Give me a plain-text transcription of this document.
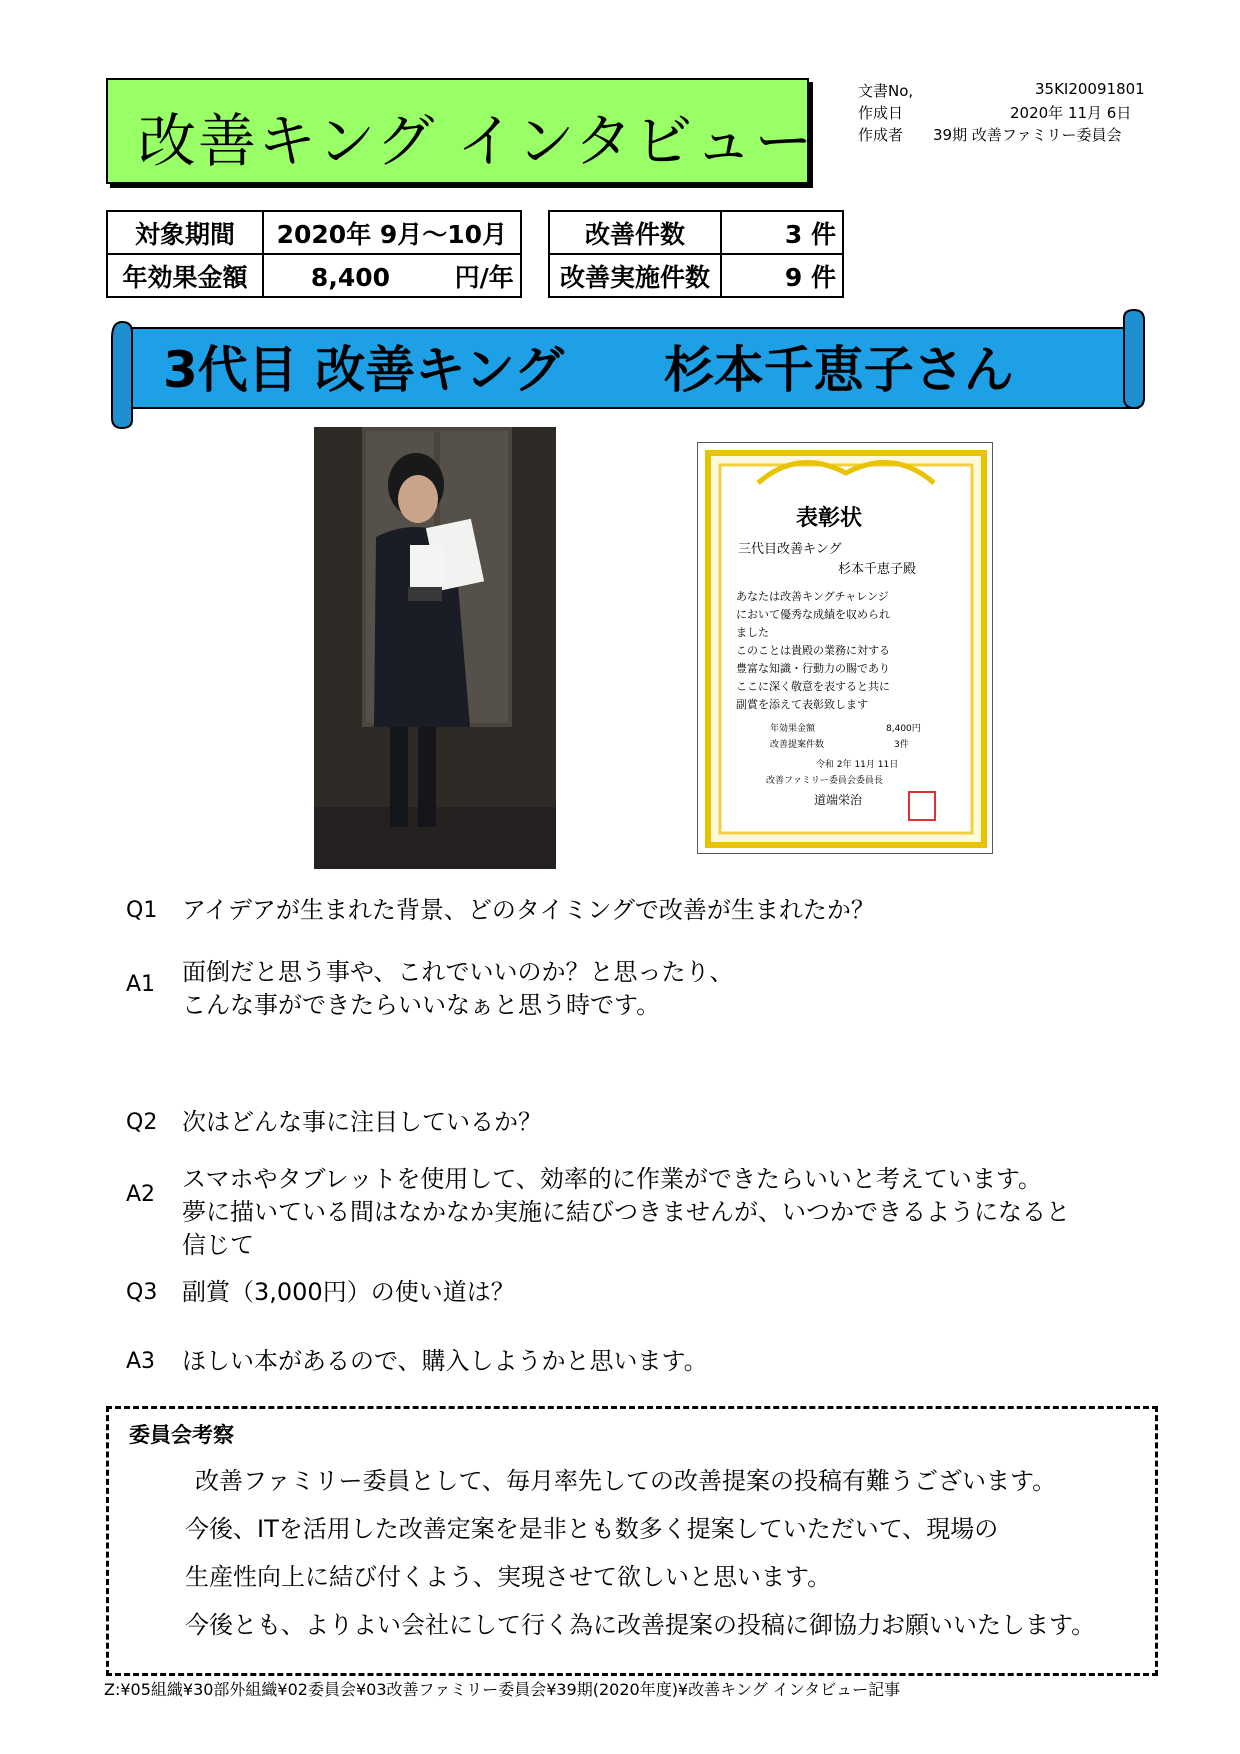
改善キング インタビュー
文書No,	35KI20091801
作成日	2020年 11月 6日
作成者 39期 改善ファミリー委員会
対象期間	2020年 9月～10月
年効果金額	8,400 円/年
改善件数	3 件
改善実施件数	9 件
3代目 改善キング　　杉本千恵子さん
表彰状
三代目改善キング
杉本千恵子殿
あなたは改善キングチャレンジ
において優秀な成績を収められ
ました
このことは貴殿の業務に対する
豊富な知識・行動力の賜であり
ここに深く敬意を表すると共に
副賞を添えて表彰致します
年効果金額	8,400円
改善提案件数	3件
令和 2年 11月 11日
改善ファミリー委員会委員長
道端栄治
Q1 アイデアが生まれた背景、どのタイミングで改善が生まれたか？
A1 面倒だと思う事や、これでいいのか？と思ったり、
こんな事ができたらいいなぁと思う時です。
Q2 次はどんな事に注目しているか？
A2
スマホやタブレットを使用して、効率的に作業ができたらいいと考えています。
夢に描いている間はなかなか実施に結びつきませんが、いつかできるようになると
信じて
Q3 副賞（3,000円）の使い道は？
A3 ほしい本があるので、購入しようかと思います。
委員会考察
改善ファミリー委員として、毎月率先しての改善提案の投稿有難うございます。
今後、ITを活用した改善定案を是非とも数多く提案していただいて、現場の
生産性向上に結び付くよう、実現させて欲しいと思います。
今後とも、よりよい会社にして行く為に改善提案の投稿に御協力お願いいたします。
Z:¥05組織¥30部外組織¥02委員会¥03改善ファミリー委員会¥39期(2020年度)¥改善キング インタビュー記事
